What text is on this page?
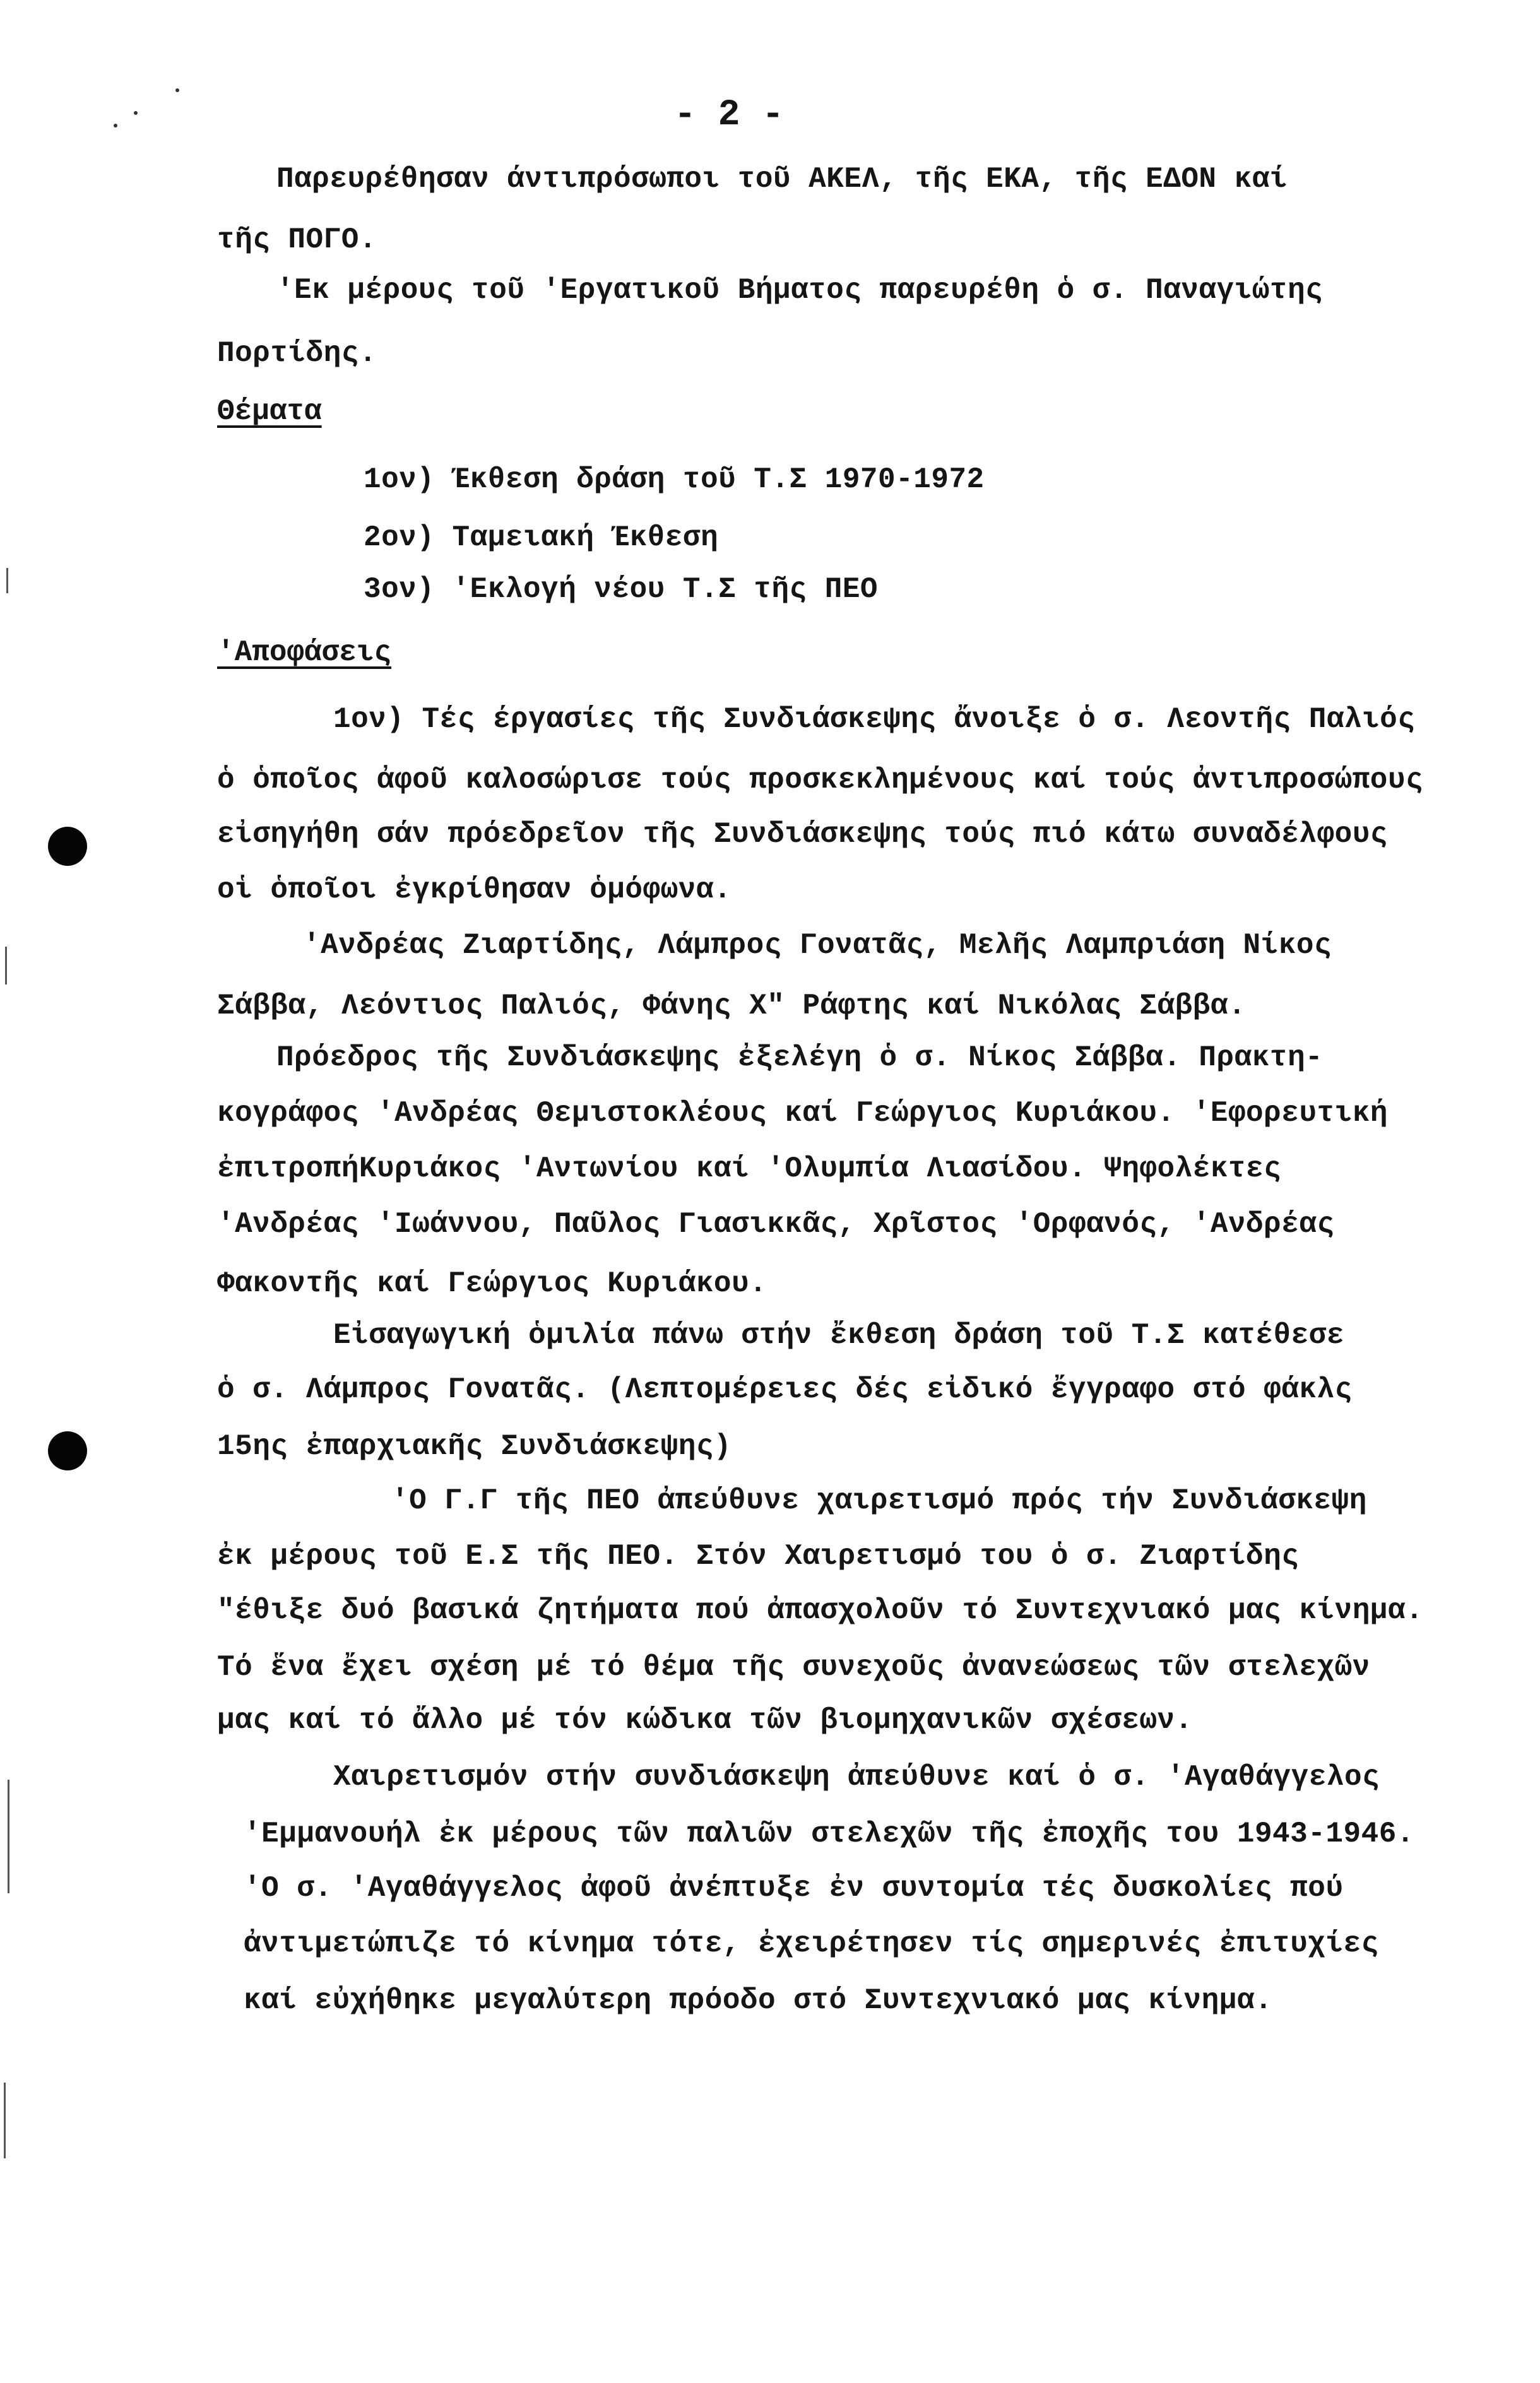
- 2 -
Παρευρέθησαν άντιπρόσωποι τοῦ ΑΚΕΛ, τῆς ΕΚΑ, τῆς ΕΔΟΝ καί
τῆς ΠΟΓΟ.
'Εκ μέρους τοῦ 'Εργατικοῦ Βήματος παρευρέθη ὁ σ. Παναγιώτης
Πορτίδης.
Θέματα
1ον) Έκθεση δράση τοῦ Τ.Σ 1970-1972
2ον) Ταμειακή Έκθεση
3ον) 'Εκλογή νέου Τ.Σ τῆς ΠΕΟ
'Αποφάσεις
1ον) Τές έργασίες τῆς Συνδιάσκεψης ἄνοιξε ὁ σ. Λεοντῆς Παλιός
ὁ ὁποῖος ἀφοῦ καλοσώρισε τούς προσκεκλημένους καί τούς ἀντιπροσώπους
εἰσηγήθη σάν πρόεδρεῖον τῆς Συνδιάσκεψης τούς πιό κάτω συναδέλφους
οἱ ὁποῖοι ἐγκρίθησαν ὁμόφωνα.
'Ανδρέας Ζιαρτίδης, Λάμπρος Γονατᾶς, Μελῆς Λαμπριάση Νίκος
Σάββα, Λεόντιος Παλιός, Φάνης Χ" Ράφτης καί Νικόλας Σάββα.
Πρόεδρος τῆς Συνδιάσκεψης ἐξελέγη ὁ σ. Νίκος Σάββα. Πρακτη-
κογράφος 'Ανδρέας Θεμιστοκλέους καί Γεώργιος Κυριάκου. 'Εφορευτική
ἐπιτροπήΚυριάκος 'Αντωνίου καί 'Ολυμπία Λιασίδου. Ψηφολέκτες
'Ανδρέας 'Ιωάννου, Παῦλος Γιασικκᾶς, Χρῖστος 'Ορφανός, 'Ανδρέας
Φακοντῆς καί Γεώργιος Κυριάκου.
Εἰσαγωγική ὁμιλία πάνω στήν ἔκθεση δράση τοῦ Τ.Σ κατέθεσε
ὁ σ. Λάμπρος Γονατᾶς. (Λεπτομέρειες δές εἰδικό ἔγγραφο στό φάκλς
15ης ἐπαρχιακῆς Συνδιάσκεψης)
'Ο Γ.Γ τῆς ΠΕΟ ἀπεύθυνε χαιρετισμό πρός τήν Συνδιάσκεψη
ἐκ μέρους τοῦ Ε.Σ τῆς ΠΕΟ. Στόν Χαιρετισμό του ὁ σ. Ζιαρτίδης
"έθιξε δυό βασικά ζητήματα πού ἀπασχολοῦν τό Συντεχνιακό μας κίνημα.
Τό ἕνα ἔχει σχέση μέ τό θέμα τῆς συνεχοῦς ἀνανεώσεως τῶν στελεχῶν
μας καί τό ἄλλο μέ τόν κώδικα τῶν βιομηχανικῶν σχέσεων.
Χαιρετισμόν στήν συνδιάσκεψη ἀπεύθυνε καί ὁ σ. 'Αγαθάγγελος
'Εμμανουήλ ἐκ μέρους τῶν παλιῶν στελεχῶν τῆς ἐποχῆς του 1943-1946.
'Ο σ. 'Αγαθάγγελος ἀφοῦ ἀνέπτυξε ἐν συντομία τές δυσκολίες πού
ἀντιμετώπιζε τό κίνημα τότε, ἐχειρέτησεν τίς σημερινές ἐπιτυχίες
καί εὐχήθηκε μεγαλύτερη πρόοδο στό Συντεχνιακό μας κίνημα.
